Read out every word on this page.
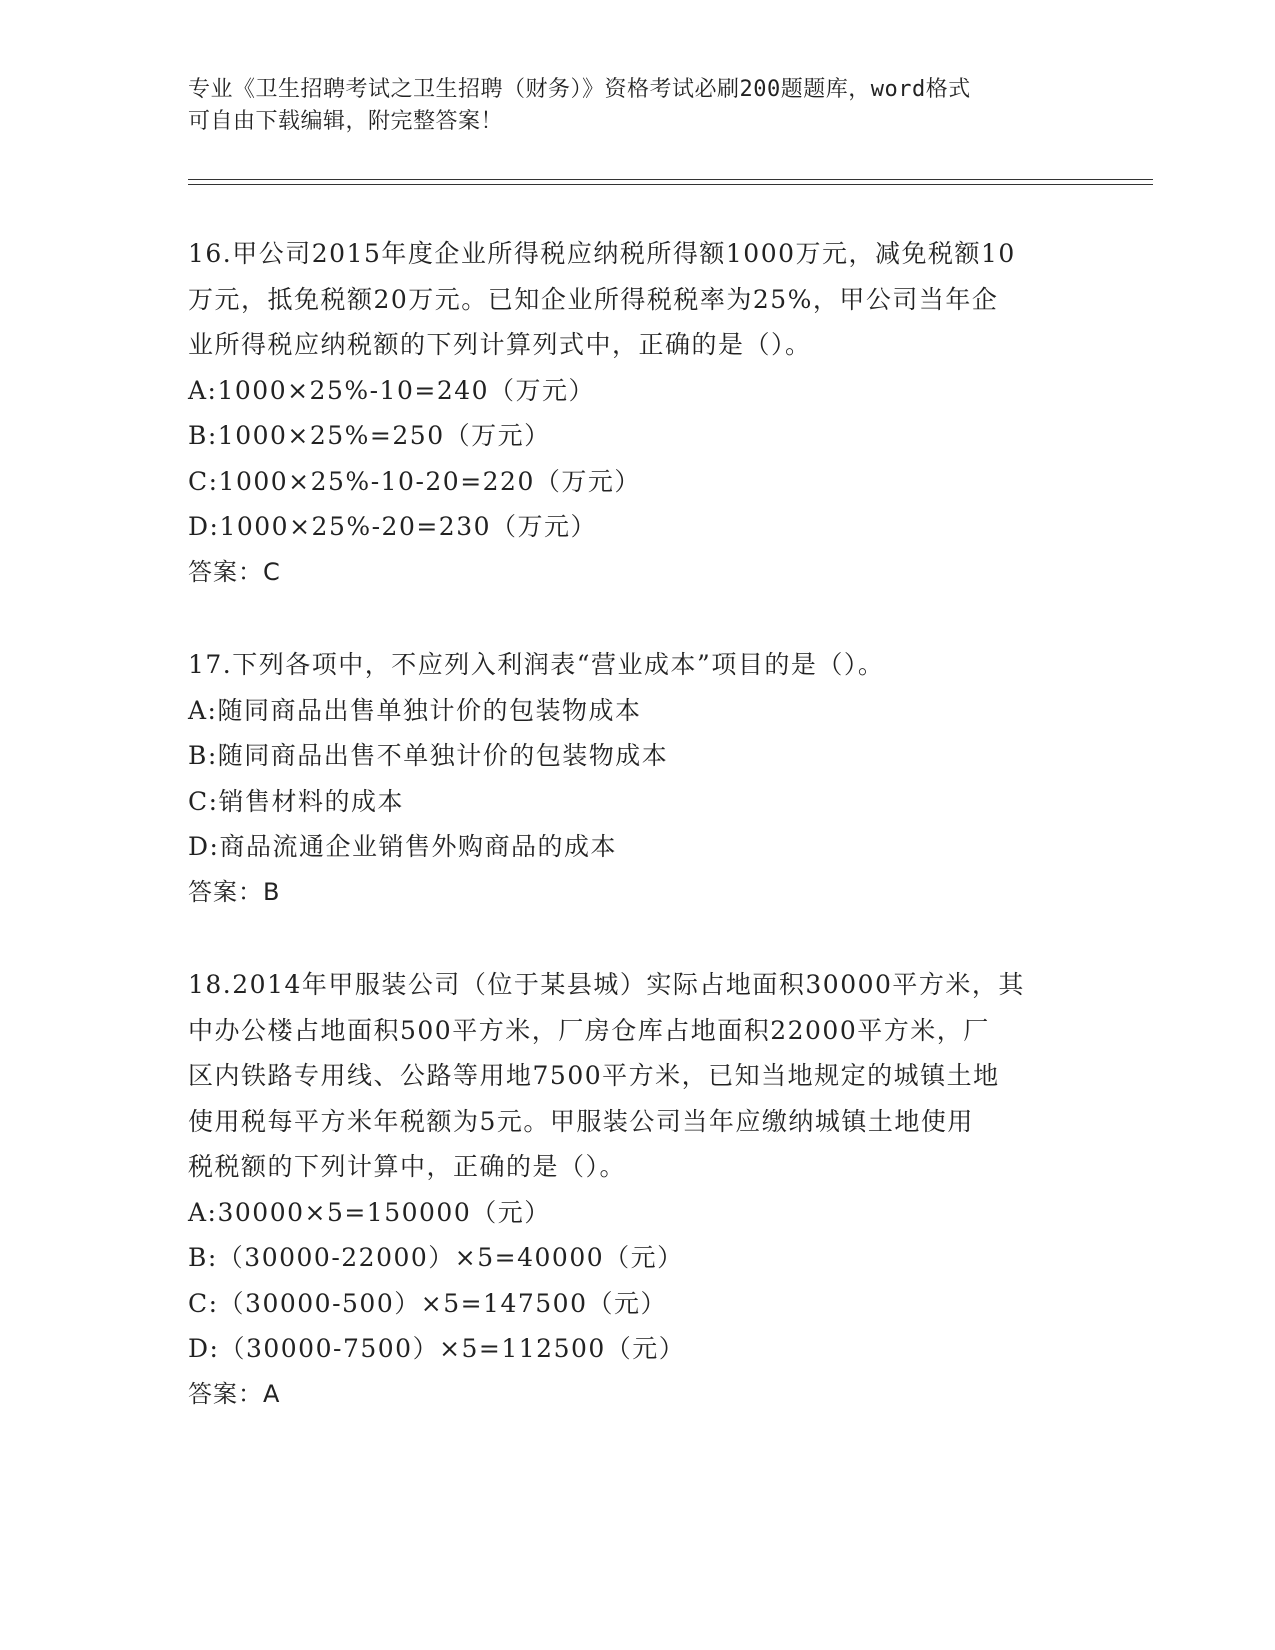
专业《卫生招聘考试之卫生招聘（财务）》资格考试必刷200题题库，word格式
可自由下载编辑，附完整答案！
16.甲公司2015年度企业所得税应纳税所得额1000万元，减免税额10
万元，抵免税额20万元。已知企业所得税税率为25%，甲公司当年企
业所得税应纳税额的下列计算列式中，正确的是（）。
A:1000×25%-10=240（万元）
B:1000×25%=250（万元）
C:1000×25%-10-20=220（万元）
D:1000×25%-20=230（万元）
答案：C
17.下列各项中，不应列入利润表“营业成本”项目的是（）。
A:随同商品出售单独计价的包装物成本
B:随同商品出售不单独计价的包装物成本
C:销售材料的成本
D:商品流通企业销售外购商品的成本
答案：B
18.2014年甲服装公司（位于某县城）实际占地面积30000平方米，其
中办公楼占地面积500平方米，厂房仓库占地面积22000平方米，厂
区内铁路专用线、公路等用地7500平方米，已知当地规定的城镇土地
使用税每平方米年税额为5元。甲服装公司当年应缴纳城镇土地使用
税税额的下列计算中，正确的是（）。
A:30000×5=150000（元）
B:（30000-22000）×5=40000（元）
C:（30000-500）×5=147500（元）
D:（30000-7500）×5=112500（元）
答案：A
